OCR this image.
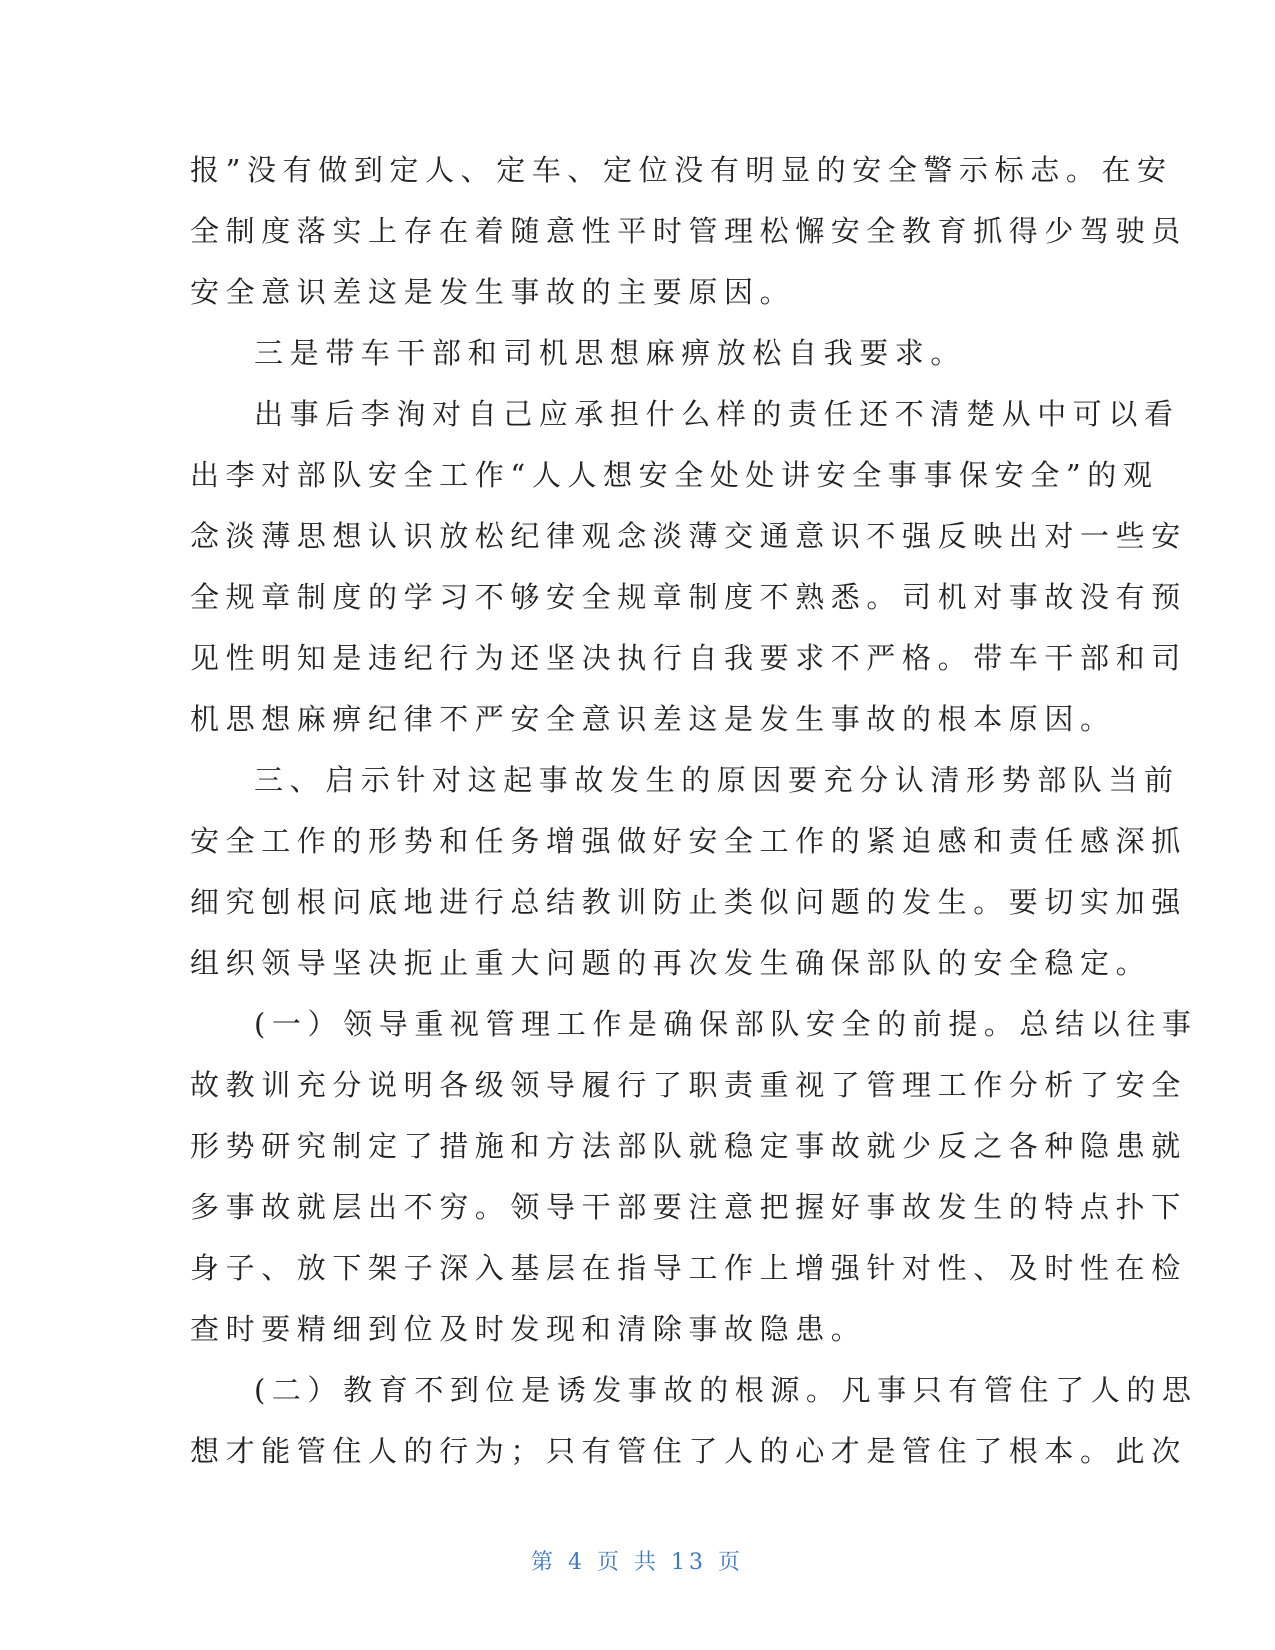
报”没有做到定人、定车、定位没有明显的安全警示标志。在安
全制度落实上存在着随意性平时管理松懈安全教育抓得少驾驶员
安全意识差这是发生事故的主要原因。
三是带车干部和司机思想麻痹放松自我要求。
出事后李洵对自己应承担什么样的责任还不清楚从中可以看
出李对部队安全工作“人人想安全处处讲安全事事保安全”的观
念淡薄思想认识放松纪律观念淡薄交通意识不强反映出对一些安
全规章制度的学习不够安全规章制度不熟悉。司机对事故没有预
见性明知是违纪行为还坚决执行自我要求不严格。带车干部和司
机思想麻痹纪律不严安全意识差这是发生事故的根本原因。
三、启示针对这起事故发生的原因要充分认清形势部队当前
安全工作的形势和任务增强做好安全工作的紧迫感和责任感深抓
细究刨根问底地进行总结教训防止类似问题的发生。要切实加强
组织领导坚决扼止重大问题的再次发生确保部队的安全稳定。
(一）领导重视管理工作是确保部队安全的前提。总结以往事
故教训充分说明各级领导履行了职责重视了管理工作分析了安全
形势研究制定了措施和方法部队就稳定事故就少反之各种隐患就
多事故就层出不穷。领导干部要注意把握好事故发生的特点扑下
身子、放下架子深入基层在指导工作上增强针对性、及时性在检
查时要精细到位及时发现和清除事故隐患。
(二）教育不到位是诱发事故的根源。凡事只有管住了人的思
想才能管住人的行为；只有管住了人的心才是管住了根本。此次
第 4 页 共 13 页
